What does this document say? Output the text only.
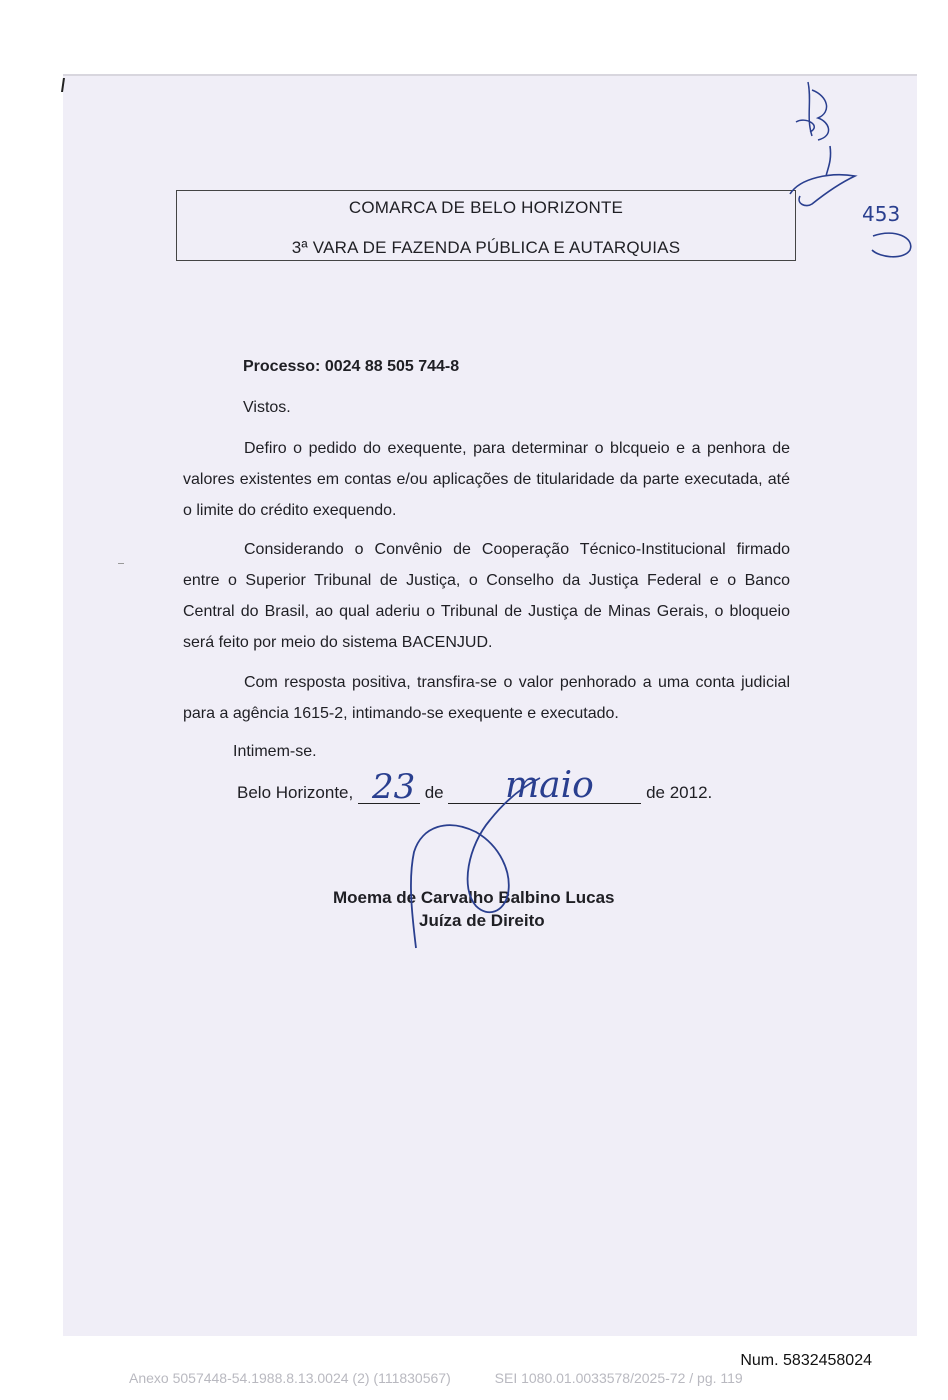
COMARCA DE BELO HORIZONTE
3ª VARA DE FAZENDA PÚBLICA E AUTARQUIAS
Processo: 0024 88 505 744-8
Vistos.

Defiro o pedido do exequente, para determinar o blcqueio e a penhora de valores existentes em contas e/ou aplicações de titularidade da parte executada, até o limite do crédito exequendo.

Considerando o Convênio de Cooperação Técnico-Institucional firmado entre o Superior Tribunal de Justiça, o Conselho da Justiça Federal e o Banco Central do Brasil, ao qual aderiu o Tribunal de Justiça de Minas Gerais, o bloqueio será feito por meio do sistema BACENJUD.

Com resposta positiva, transfira-se o valor penhorado a uma conta judicial para a agência 1615-2, intimando-se exequente e executado.

Intimem-se.
Belo Horizonte,	de	de 2012.
Moema de Carvalho Balbino Lucas
Juíza de Direito
23 maio
453
Num. 5832458024
Anexo 5057448-54.1988.8.13.0024 (2) (111830567)	SEI 1080.01.0033578/2025-72 / pg. 119
